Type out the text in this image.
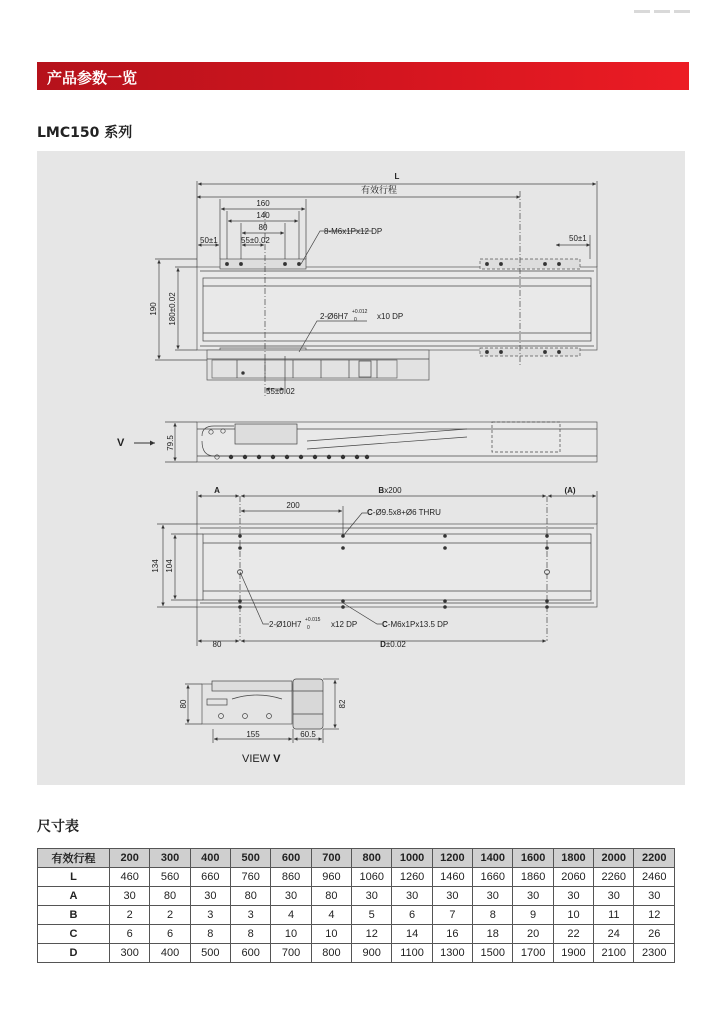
产品参数一览
LMC150 系列
L
有效行程
160
140
80
55±0.02
50±1	50±1
8-M6x1Px12 DP
2-Ø6H7 +0.012
0	x10 DP
190 180±0.02
55±0.02
V	79.5
A	Bx200	(A)
200
C-Ø9.5x8+Ø6 THRU
134 104
2-Ø10H7 +0.015
0	x12 DP	C-M6x1Px13.5 DP
80	D±0.02
80	82
155	60.5
VIEW V
尺寸表
有效行程	200	300	400	500	600	700	800	1000	1200	1400	1600	1800	2000	2200
L	460	560	660	760	860	960	1060	1260	1460	1660	1860	2060	2260	2460
A	30	80	30	80	30	80	30	30	30	30	30	30	30	30
B	2	2	3	3	4	4	5	6	7	8	9	10	11	12
C	6	6	8	8	10	10	12	14	16	18	20	22	24	26
D	300	400	500	600	700	800	900	1100	1300	1500	1700	1900	2100	2300
